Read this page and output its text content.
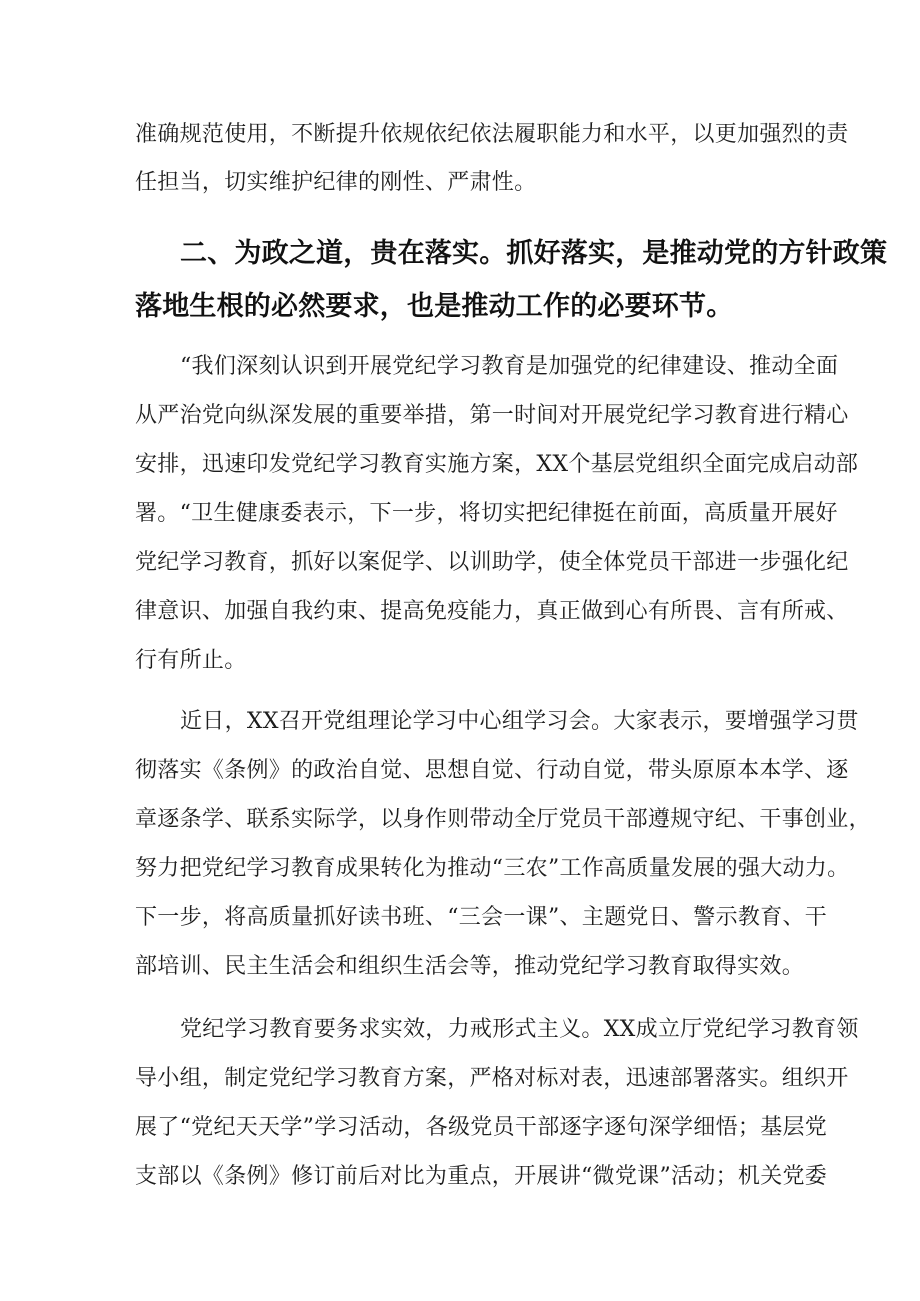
准确规范使用，不断提升依规依纪依法履职能力和水平，以更加强烈的责
任担当，切实维护纪律的刚性、严肃性。
二、为政之道，贵在落实。抓好落实，是推动党的方针政策
落地生根的必然要求，也是推动工作的必要环节。
“我们深刻认识到开展党纪学习教育是加强党的纪律建设、推动全面
从严治党向纵深发展的重要举措，第一时间对开展党纪学习教育进行精心
安排，迅速印发党纪学习教育实施方案，XX个基层党组织全面完成启动部
署。“卫生健康委表示，下一步，将切实把纪律挺在前面，高质量开展好
党纪学习教育，抓好以案促学、以训助学，使全体党员干部进一步强化纪
律意识、加强自我约束、提高免疫能力，真正做到心有所畏、言有所戒、
行有所止。
近日，XX召开党组理论学习中心组学习会。大家表示，要增强学习贯
彻落实《条例》的政治自觉、思想自觉、行动自觉，带头原原本本学、逐
章逐条学、联系实际学，以身作则带动全厅党员干部遵规守纪、干事创业，
努力把党纪学习教育成果转化为推动“三农”工作高质量发展的强大动力。
下一步，将高质量抓好读书班、“三会一课”、主题党日、警示教育、干
部培训、民主生活会和组织生活会等，推动党纪学习教育取得实效。
党纪学习教育要务求实效，力戒形式主义。XX成立厅党纪学习教育领
导小组，制定党纪学习教育方案，严格对标对表，迅速部署落实。组织开
展了“党纪天天学”学习活动，各级党员干部逐字逐句深学细悟；基层党
支部以《条例》修订前后对比为重点，开展讲“微党课”活动；机关党委
